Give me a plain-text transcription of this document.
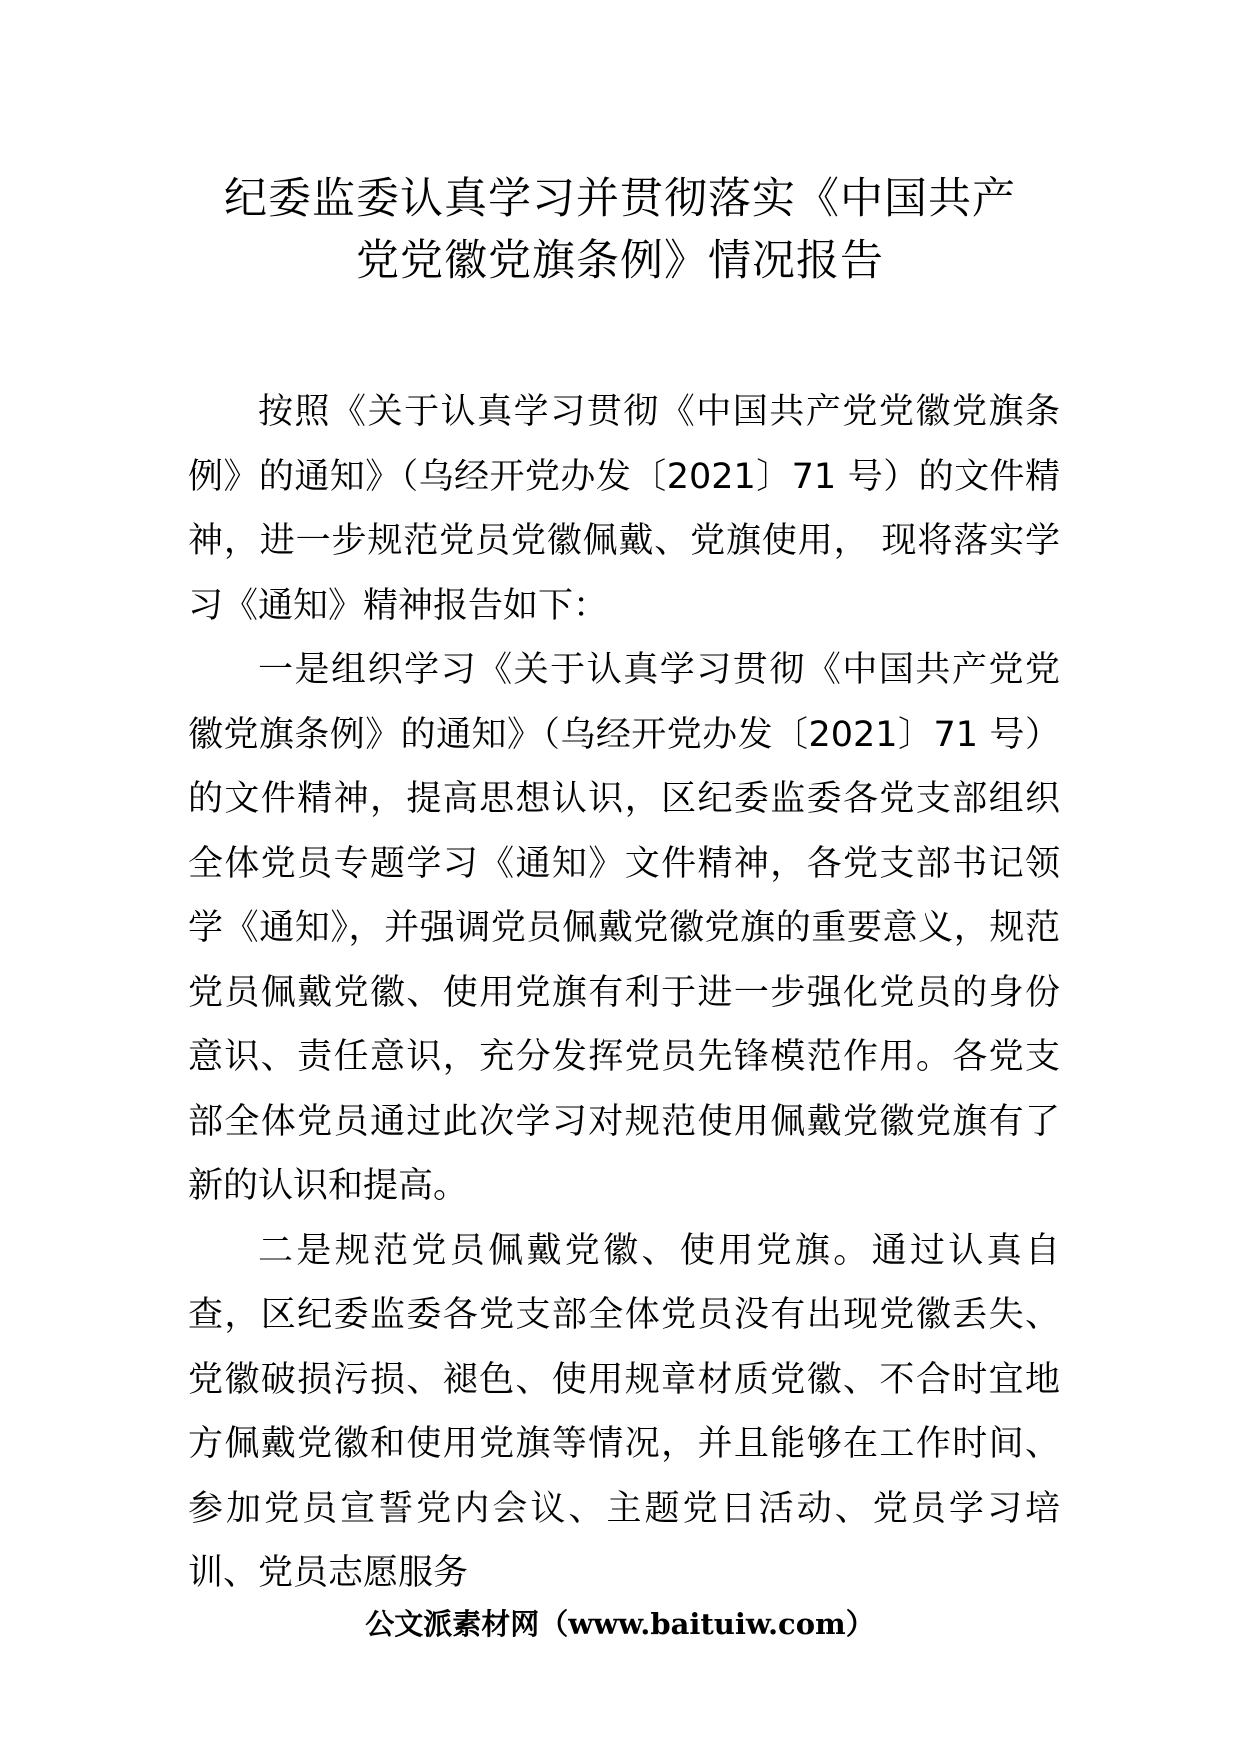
纪委监委认真学习并贯彻落实《中国共产
党党徽党旗条例》情况报告

按照《关于认真学习贯彻《中国共产党党徽党旗条例》的通知》（乌经开党办发〔2021〕71 号）的文件精神，进一步规范党员党徽佩戴、党旗使用， 现将落实学习《通知》精神报告如下：

一是组织学习《关于认真学习贯彻《中国共产党党徽党旗条例》的通知》（乌经开党办发〔2021〕71 号）的文件精神，提高思想认识，区纪委监委各党支部组织全体党员专题学习《通知》文件精神，各党支部书记领学《通知》，并强调党员佩戴党徽党旗的重要意义，规范党员佩戴党徽、使用党旗有利于进一步强化党员的身份意识、责任意识，充分发挥党员先锋模范作用。各党支部全体党员通过此次学习对规范使用佩戴党徽党旗有了新的认识和提高。

二是规范党员佩戴党徽、使用党旗。通过认真自查，区纪委监委各党支部全体党员没有出现党徽丢失、党徽破损污损、褪色、使用规章材质党徽、不合时宜地方佩戴党徽和使用党旗等情况，并且能够在工作时间、参加党员宣誓党内会议、主题党日活动、党员学习培训、党员志愿服务

公文派素材网（www.baituiw.com）
